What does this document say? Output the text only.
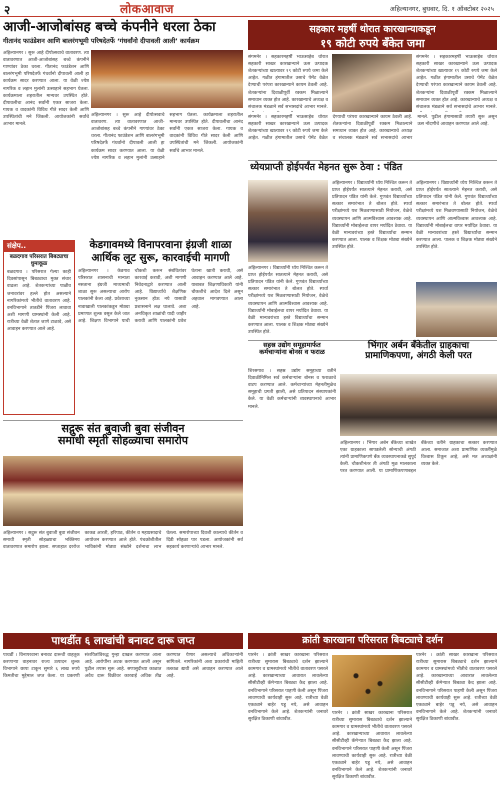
२	लोकआवाज	अहिल्यानगर, बुधवार, दि. १ ऑक्टोबर २०२५
आजी-आजोबांसह बच्चे कंपनीने धरला ठेका
गीतानंद फाउंडेशन आणि बालरंगभूमी परिषदेतर्फे ‘गंधर्वांनो दीपावली आली’ कार्यक्रम
अहिल्यानगर । सुरू आहे दीपोत्सवाचे वातावरण. त्या वातावरणात आजी-आजोबांसह बच्चे कंपनीने गाण्यांवर ठेका धरला. गीतानंद फाउंडेशन आणि बालरंगभूमी परिषदेतर्फे गंधर्वांनो दीपावली आली हा कार्यक्रम सादर करण्यात आला. या वेळी ज्येष्ठ नागरिक व लहान मुलांनी उत्साहाने सहभाग घेतला. कार्यक्रमाला शहरातील मान्यवर उपस्थित होते. दीपावलीचा आनंद सर्वांनी एकत्र साजरा केला. गायक व वादकांनी विविध गीते सादर केली आणि उपस्थितांची मने जिंकली. आयोजकांनी सर्वांचे आभार मानले.
अहिल्यानगर । सुरू आहे दीपोत्सवाचे वातावरण. त्या वातावरणात आजी-आजोबांसह बच्चे कंपनीने गाण्यांवर ठेका धरला. गीतानंद फाउंडेशन आणि बालरंगभूमी परिषदेतर्फे गंधर्वांनो दीपावली आली हा कार्यक्रम सादर करण्यात आला. या वेळी ज्येष्ठ नागरिक व लहान मुलांनी उत्साहाने सहभाग घेतला. कार्यक्रमाला शहरातील मान्यवर उपस्थित होते. दीपावलीचा आनंद सर्वांनी एकत्र साजरा केला. गायक व वादकांनी विविध गीते सादर केली आणि उपस्थितांची मने जिंकली. आयोजकांनी सर्वांचे आभार मानले.
संक्षेप..
बळदगाव परिसरात बिबट्याचा धुमाकूळ
बळदगाव । परिसरात गेल्या काही दिवसांपासून बिबट्याचा मुक्त संचार वाढला आहे. शेतकऱ्यांच्या पाळीव जनावरांवर हल्ले होत असल्याने नागरिकांमध्ये भीतीचे वातावरण आहे. वनविभागाने तातडीने पिंजरा लावावा अशी मागणी ग्रामस्थांनी केली आहे. रात्रीच्या वेळी शेतात जाणे टाळावे, असे आवाहन करण्यात आले आहे.
केडगावमध्ये विनापरवाना इंग्रजी शाळा
आर्थिक लूट सुरू, कारवाईची मागणी
अहिल्यानगर । केडगाव परिसरात शासनाची मान्यता नसताना इंग्रजी माध्यमाची शाळा सुरू असल्याचा आरोप पालकांनी केला आहे. प्रवेशाच्या नावाखाली पालकांकडून मोठ्या प्रमाणात शुल्क वसूल केले जात आहे. शिक्षण विभागाने याची चौकशी करून संबंधितांवर कारवाई करावी, अशी मागणी निवेदनाद्वारे करण्यात आली आहे. विद्यार्थ्यांचे शैक्षणिक नुकसान होऊ नये यासाठी प्रशासनाने लक्ष घालावे. अशा अनधिकृत शाळांची यादी जाहीर करावी आणि पालकांनी प्रवेश घेताना खात्री करावी, असे आवाहन करण्यात आले आहे. याबाबत शिक्षणाधिकारी यांनी चौकशीचे आदेश दिले असून अहवाल मागवण्यात आला आहे.
सहकार महर्षी थोरात कारखान्याकडून
१९ कोटी रुपये बँकेत जमा
संगमनेर । सहकारमहर्षी भाऊसाहेब थोरात सहकारी साखर कारखान्याने ऊस उत्पादक शेतकऱ्यांच्या खात्यावर १९ कोटी रुपये जमा केले आहेत. गळीत हंगामातील उसाचे पेमेंट वेळेत देण्याची परंपरा कारखान्याने कायम ठेवली आहे. शेतकऱ्यांना दिवाळीपूर्वी रक्कम मिळाल्याने समाधान व्यक्त होत आहे. कारखान्याचे अध्यक्ष व संचालक मंडळाने सर्व सभासदांचे आभार मानले.
संगमनेर । सहकारमहर्षी भाऊसाहेब थोरात सहकारी साखर कारखान्याने ऊस उत्पादक शेतकऱ्यांच्या खात्यावर १९ कोटी रुपये जमा केले आहेत. गळीत हंगामातील उसाचे पेमेंट वेळेत देण्याची परंपरा कारखान्याने कायम ठेवली आहे. शेतकऱ्यांना दिवाळीपूर्वी रक्कम मिळाल्याने समाधान व्यक्त होत आहे. कारखान्याचे अध्यक्ष व संचालक मंडळाने सर्व सभासदांचे आभार मानले.
संगमनेर । सहकारमहर्षी भाऊसाहेब थोरात सहकारी साखर कारखान्याने ऊस उत्पादक शेतकऱ्यांच्या खात्यावर १९ कोटी रुपये जमा केले आहेत. गळीत हंगामातील उसाचे पेमेंट वेळेत देण्याची परंपरा कारखान्याने कायम ठेवली आहे. शेतकऱ्यांना दिवाळीपूर्वी रक्कम मिळाल्याने समाधान व्यक्त होत आहे. कारखान्याचे अध्यक्ष व संचालक मंडळाने सर्व सभासदांचे आभार मानले. पुढील हंगामासाठी तयारी सुरू असून ऊस नोंदणीचे आवाहन करण्यात आले आहे.
ध्येयप्राप्ती होईपर्यंत मेहनत सुरू ठेवा : पंडित
अहिल्यानगर । विद्यार्थ्यांनी ध्येय निश्चित करून ते प्राप्त होईपर्यंत सातत्याने मेहनत करावी, असे प्रतिपादन पंडित यांनी केले. गुणवंत विद्यार्थ्यांच्या सत्कार समारंभात ते बोलत होते. स्पर्धा परीक्षांमध्ये यश मिळवण्यासाठी नियोजन, वेळेचे व्यवस्थापन आणि आत्मविश्वास आवश्यक आहे. विद्यार्थ्यांनी मोबाईलचा वापर मर्यादित ठेवावा. या वेळी मान्यवरांच्या हस्ते विद्यार्थ्यांचा सन्मान करण्यात आला. पालक व शिक्षक मोठ्या संख्येने उपस्थित होते.
अहिल्यानगर । विद्यार्थ्यांनी ध्येय निश्चित करून ते प्राप्त होईपर्यंत सातत्याने मेहनत करावी, असे प्रतिपादन पंडित यांनी केले. गुणवंत विद्यार्थ्यांच्या सत्कार समारंभात ते बोलत होते. स्पर्धा परीक्षांमध्ये यश मिळवण्यासाठी नियोजन, वेळेचे व्यवस्थापन आणि आत्मविश्वास आवश्यक आहे. विद्यार्थ्यांनी मोबाईलचा वापर मर्यादित ठेवावा. या वेळी मान्यवरांच्या हस्ते विद्यार्थ्यांचा सन्मान करण्यात आला. पालक व शिक्षक मोठ्या संख्येने उपस्थित होते.
अहिल्यानगर । विद्यार्थ्यांनी ध्येय निश्चित करून ते प्राप्त होईपर्यंत सातत्याने मेहनत करावी, असे प्रतिपादन पंडित यांनी केले. गुणवंत विद्यार्थ्यांच्या सत्कार समारंभात ते बोलत होते. स्पर्धा परीक्षांमध्ये यश मिळवण्यासाठी नियोजन, वेळेचे व्यवस्थापन आणि आत्मविश्वास आवश्यक आहे. विद्यार्थ्यांनी मोबाईलचा वापर मर्यादित ठेवावा. या वेळी मान्यवरांच्या हस्ते विद्यार्थ्यांचा सन्मान करण्यात आला. पालक व शिक्षक मोठ्या संख्येने उपस्थित होते.
सद्गुरू संत बुवाजी बुवा संजीवन
समाधी स्मृती सोहळ्याचा समारोप
अहिल्यानगर । सद्गुरू संत बुवाजी बुवा संजीवन समाधी स्मृती सोहळ्याचा भक्तिमय वातावरणात समारोप झाला. सप्ताहात दररोज काकड आरती, हरिपाठ, कीर्तन व महाप्रसादाचे आयोजन करण्यात आले होते. पंचक्रोशीतील भाविकांनी मोठ्या संख्येने दर्शनाचा लाभ घेतला. समारोपाच्या दिवशी काल्याचे कीर्तन व दिंडी सोहळा पार पडला. आयोजकांनी सर्व सहकार्य करणाऱ्यांचे आभार मानले.
सहस्र उद्योग समूहामार्फत
कर्मचाऱ्यांना बोनस व फराळ
शिरसगाव । सहस्र उद्योग समूहाच्या वतीने दिवाळीनिमित्त सर्व कर्मचाऱ्यांना बोनस व फराळाचे वाटप करण्यात आले. कर्मचाऱ्यांच्या मेहनतीमुळेच समूहाची प्रगती झाली, असे प्रतिपादन संस्थापकांनी केले. या वेळी कर्मचाऱ्यांनी व्यवस्थापनाचे आभार मानले.
भिंगार अर्बन बँकेतील ग्राहकाचा
प्रामाणिकपणा, अंगठी केली परत
अहिल्यानगर । भिंगार अर्बन बँकेच्या शाखेत एका ग्राहकाला सापडलेली सोन्याची अंगठी त्यांनी प्रामाणिकपणे बँक व्यवस्थापनाकडे सुपूर्द केली. चौकशीनंतर ती अंगठी मूळ मालकाला परत करण्यात आली. या प्रामाणिकपणाबद्दल बँकेच्या वतीने ग्राहकाचा सत्कार करण्यात आला. समाजात अशा प्रामाणिक व्यक्तींमुळे विश्वास टिकून आहे, असे मत अध्यक्षांनी व्यक्त केले.
पाथर्डीत ६ लाखांची बनावट दारू जप्त
पाथर्डी । विनापरवाना बनावट दारूची वाहतूक करणाऱ्या वाहनावर राज्य उत्पादन शुल्क विभागाने छापा टाकून सुमारे ६ लाख रुपये किमतीचा मुद्देमाल जप्त केला. या प्रकरणी संशयितांविरुद्ध गुन्हा दाखल करण्यात आला आहे. आरोपींना अटक करण्यात आली असून पुढील तपास सुरू आहे. सणासुदीच्या काळात अवैध दारू विक्रीवर कारवाई अधिक तीव्र करण्यात येणार असल्याचे अधिकाऱ्यांनी सांगितले. नागरिकांनी अशा प्रकारांची माहिती तत्काळ द्यावी असे आवाहन करण्यात आले आहे.
क्रांती कारखाना परिसरात बिबट्याचे दर्शन
पारनेर । क्रांती साखर कारखाना परिसरात रात्रीच्या सुमारास बिबट्याचे दर्शन झाल्याने कामगार व ग्रामस्थांमध्ये भीतीचे वातावरण पसरले आहे. कारखान्याच्या आवारात लावलेल्या सीसीटीव्ही कॅमेऱ्यात बिबट्या कैद झाला आहे. वनविभागाने परिसरात पाहणी केली असून पिंजरा लावण्याची कार्यवाही सुरू आहे. रात्रीच्या वेळी एकट्याने बाहेर पडू नये, असे आवाहन वनविभागाने केले आहे. शेतकऱ्यांनी जनावरे सुरक्षित ठिकाणी बांधावीत.
पारनेर । क्रांती साखर कारखाना परिसरात रात्रीच्या सुमारास बिबट्याचे दर्शन झाल्याने कामगार व ग्रामस्थांमध्ये भीतीचे वातावरण पसरले आहे. कारखान्याच्या आवारात लावलेल्या सीसीटीव्ही कॅमेऱ्यात बिबट्या कैद झाला आहे. वनविभागाने परिसरात पाहणी केली असून पिंजरा लावण्याची कार्यवाही सुरू आहे. रात्रीच्या वेळी एकट्याने बाहेर पडू नये, असे आवाहन वनविभागाने केले आहे. शेतकऱ्यांनी जनावरे सुरक्षित ठिकाणी बांधावीत.
पारनेर । क्रांती साखर कारखाना परिसरात रात्रीच्या सुमारास बिबट्याचे दर्शन झाल्याने कामगार व ग्रामस्थांमध्ये भीतीचे वातावरण पसरले आहे. कारखान्याच्या आवारात लावलेल्या सीसीटीव्ही कॅमेऱ्यात बिबट्या कैद झाला आहे. वनविभागाने परिसरात पाहणी केली असून पिंजरा लावण्याची कार्यवाही सुरू आहे. रात्रीच्या वेळी एकट्याने बाहेर पडू नये, असे आवाहन वनविभागाने केले आहे. शेतकऱ्यांनी जनावरे सुरक्षित ठिकाणी बांधावीत.
